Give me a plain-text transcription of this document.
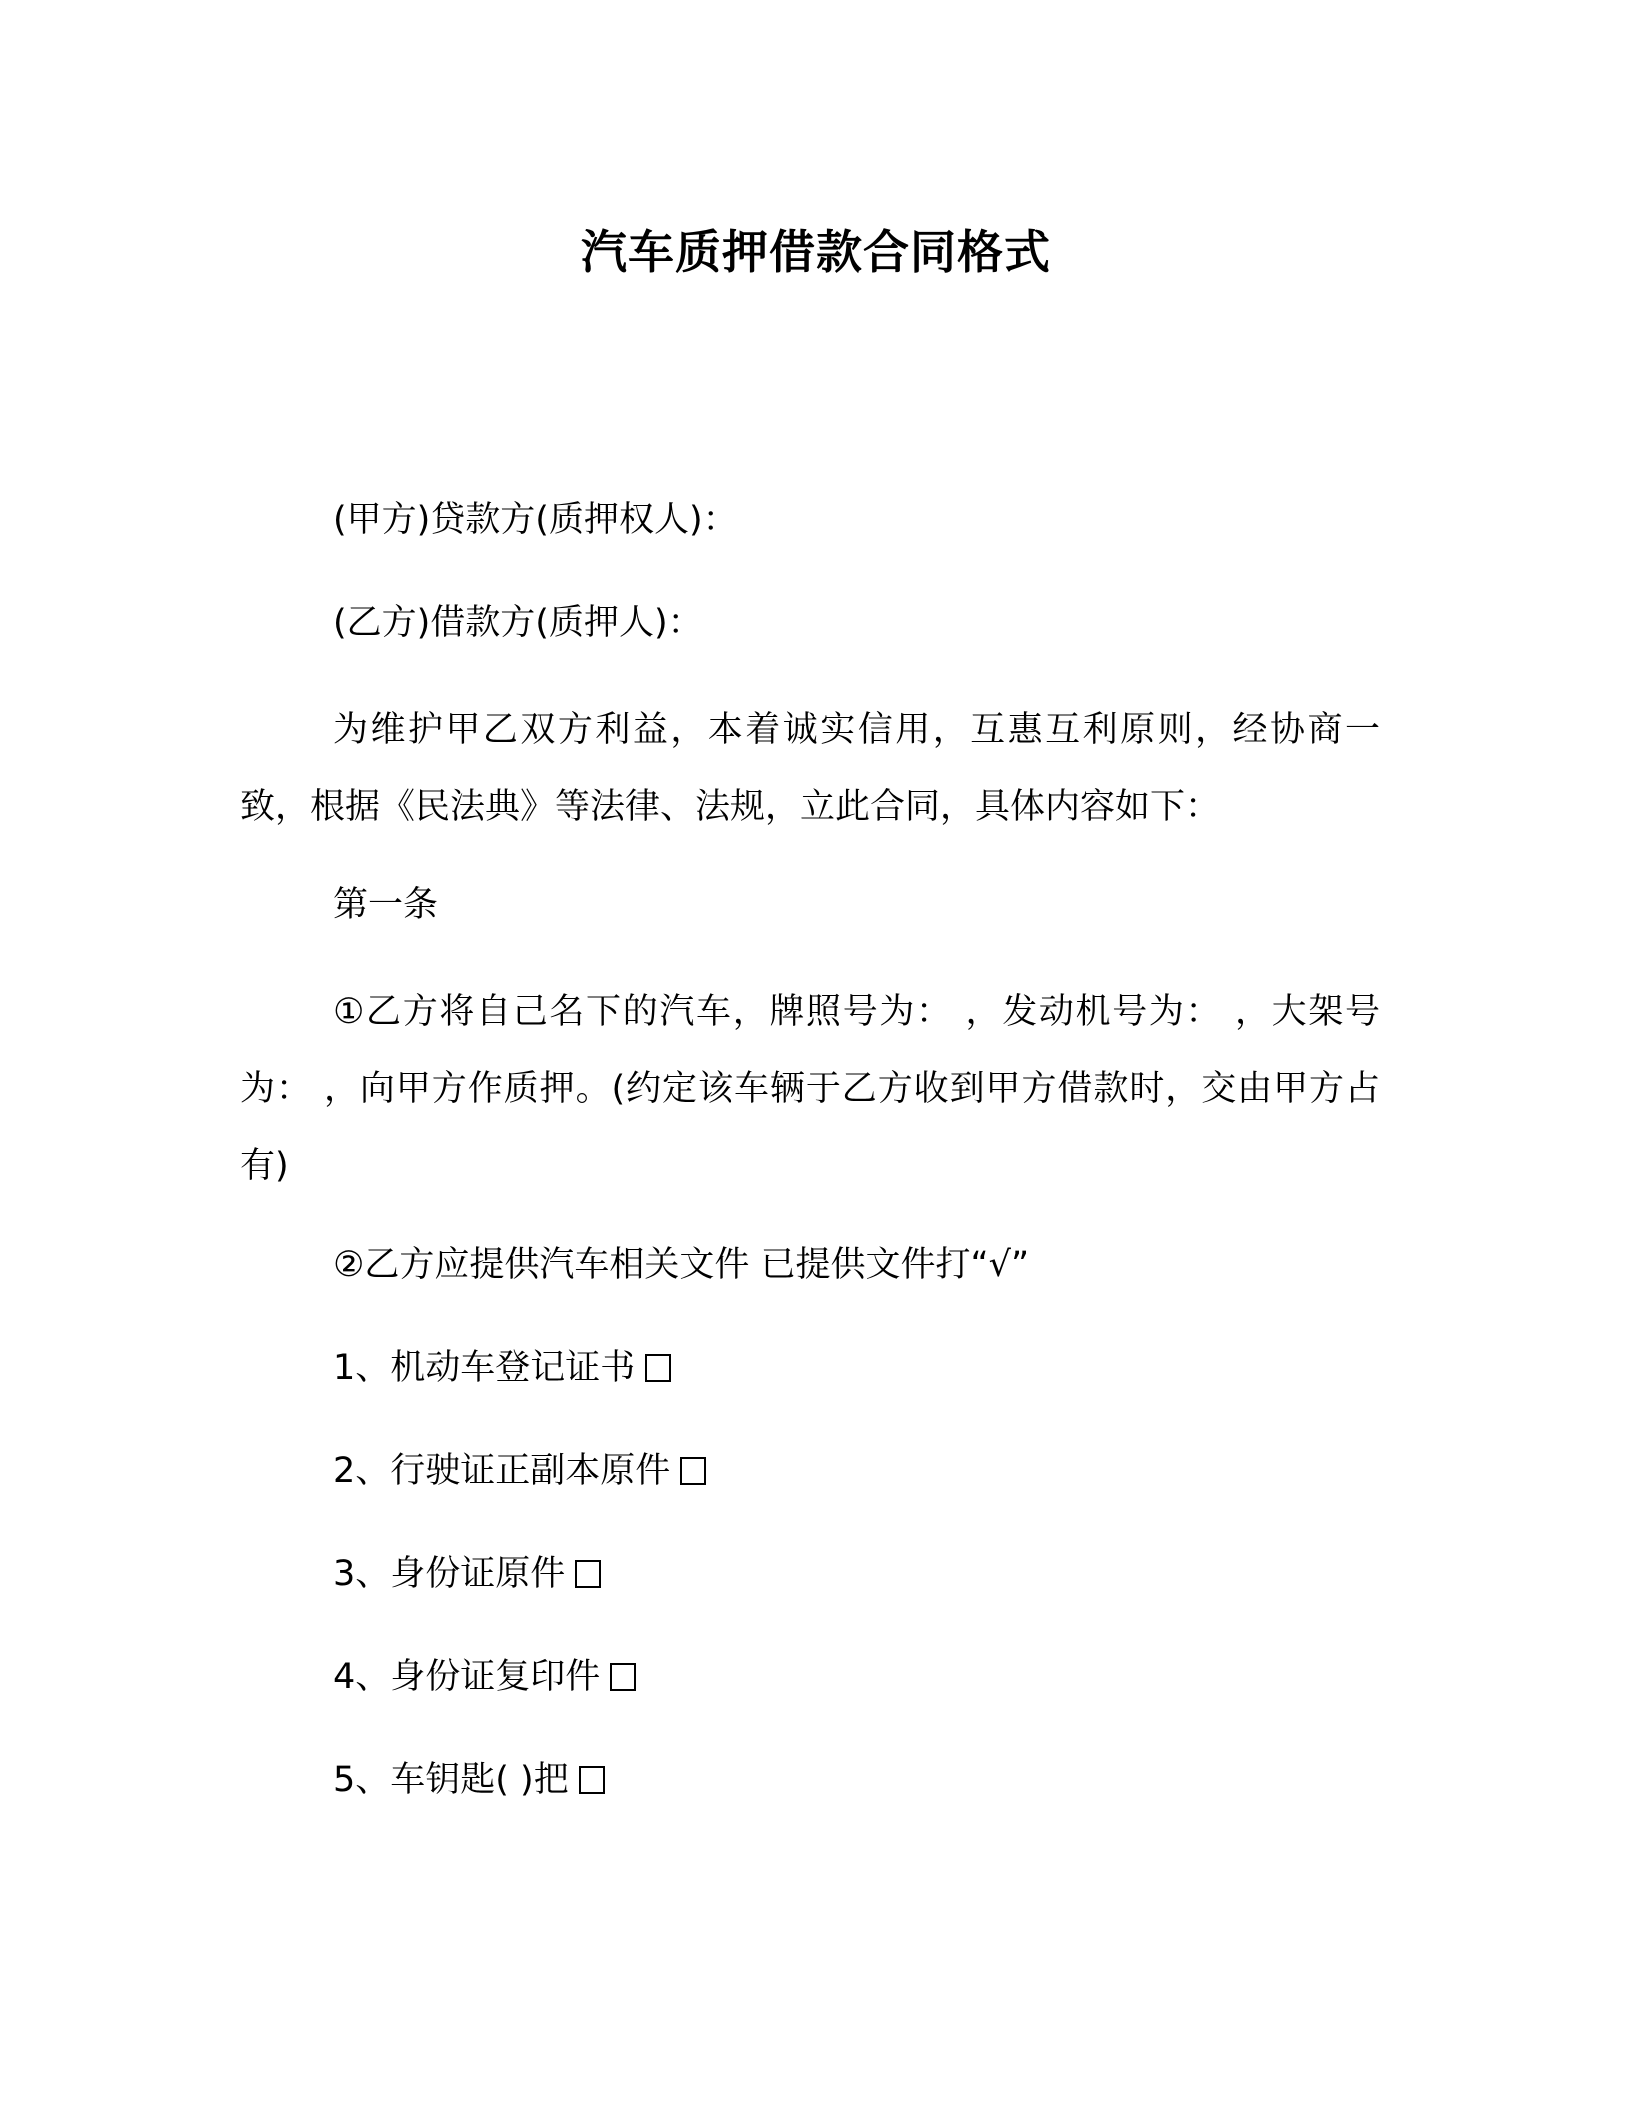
汽车质押借款合同格式
(甲方)贷款方(质押权人)：
(乙方)借款方(质押人)：
为维护甲乙双方利益，本着诚实信用，互惠互利原则，经协商一致，根据《民法典》等法律、法规，立此合同，具体内容如下：
第一条
①乙方将自己名下的汽车，牌照号为： ，发动机号为： ，大架号为： ，向甲方作质押。(约定该车辆于乙方收到甲方借款时，交由甲方占有)
②乙方应提供汽车相关文件 已提供文件打“√”
1、机动车登记证书
2、行驶证正副本原件
3、身份证原件
4、身份证复印件
5、车钥匙( )把
